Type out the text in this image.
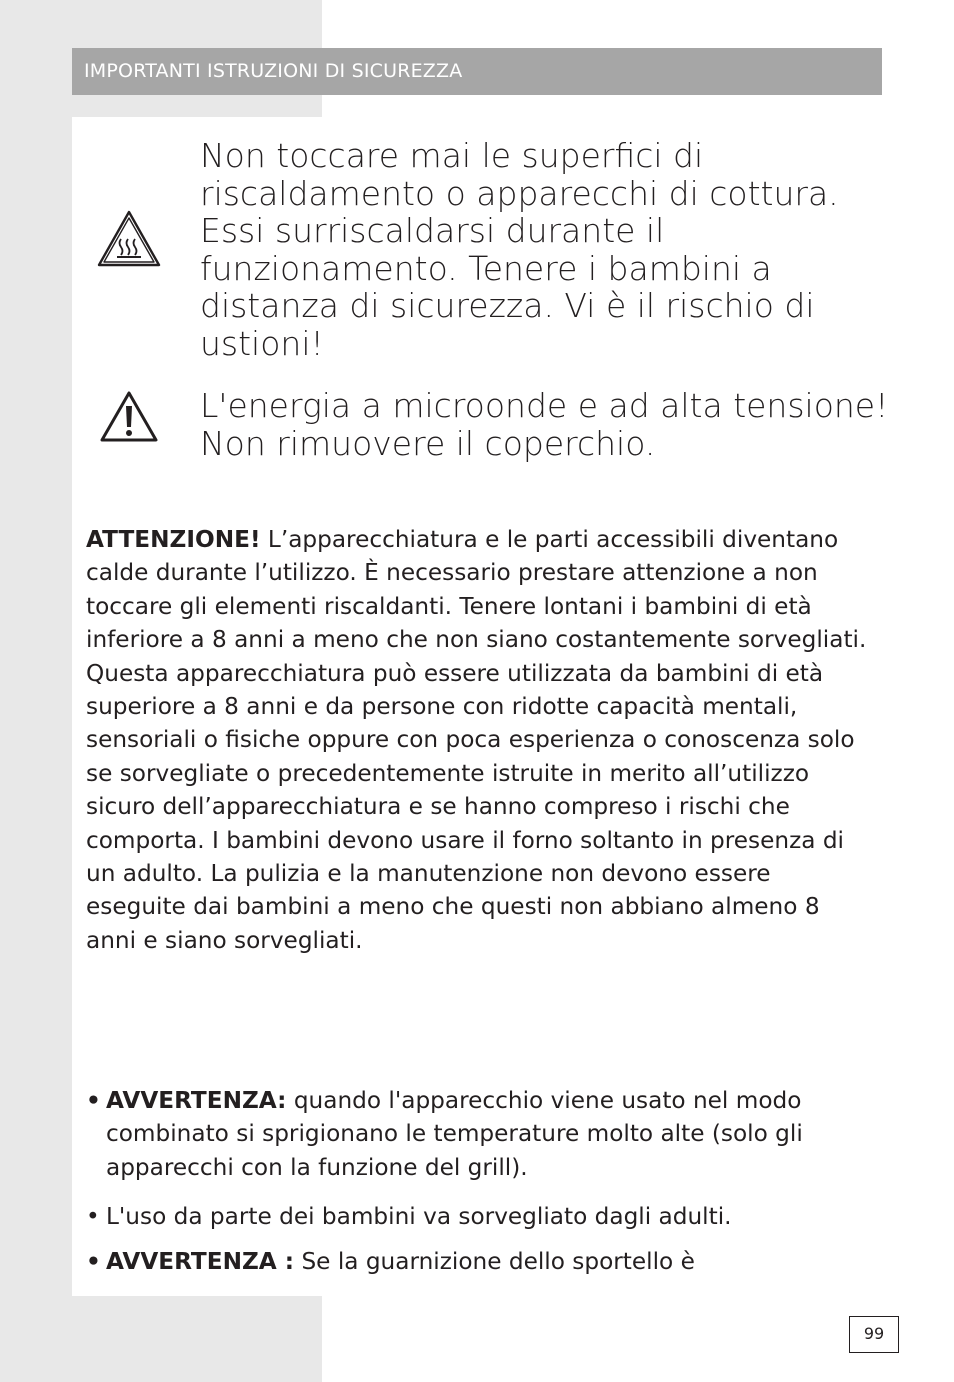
IMPORTANTI ISTRUZIONI DI SICUREZZA
Non toccare mai le superfici di riscaldamento o apparecchi di cottura. Essi surriscaldarsi durante il funzionamento. Tenere i bambini a distanza di sicurezza. Vi è il rischio di ustioni!
L'energia a microonde e ad alta tensione! Non rimuovere il coperchio.
ATTENZIONE! L’apparecchiatura e le parti accessibili diventano calde durante l’utilizzo. È necessario prestare attenzione a non toccare gli elementi riscaldanti. Tenere lontani i bambini di età inferiore a 8 anni a meno che non siano costantemente sorvegliati. Questa apparecchiatura può essere utilizzata da bambini di età superiore a 8 anni e da persone con ridotte capacità mentali, sensoriali o fisiche oppure con poca esperienza o conoscenza solo se sorvegliate o precedentemente istruite in merito all’utilizzo sicuro dell’apparecchiatura e se hanno compreso i rischi che comporta. I bambini devono usare il forno soltanto in presenza di un adulto. La pulizia e la manutenzione non devono essere eseguite dai bambini a meno che questi non abbiano almeno 8 anni e siano sorvegliati.
• AVVERTENZA: quando l'apparecchio viene usato nel modo combinato si sprigionano le temperature molto alte (solo gli apparecchi con la funzione del grill).
• L'uso da parte dei bambini va sorvegliato dagli adulti.
• AVVERTENZA : Se la guarnizione dello sportello è
99
